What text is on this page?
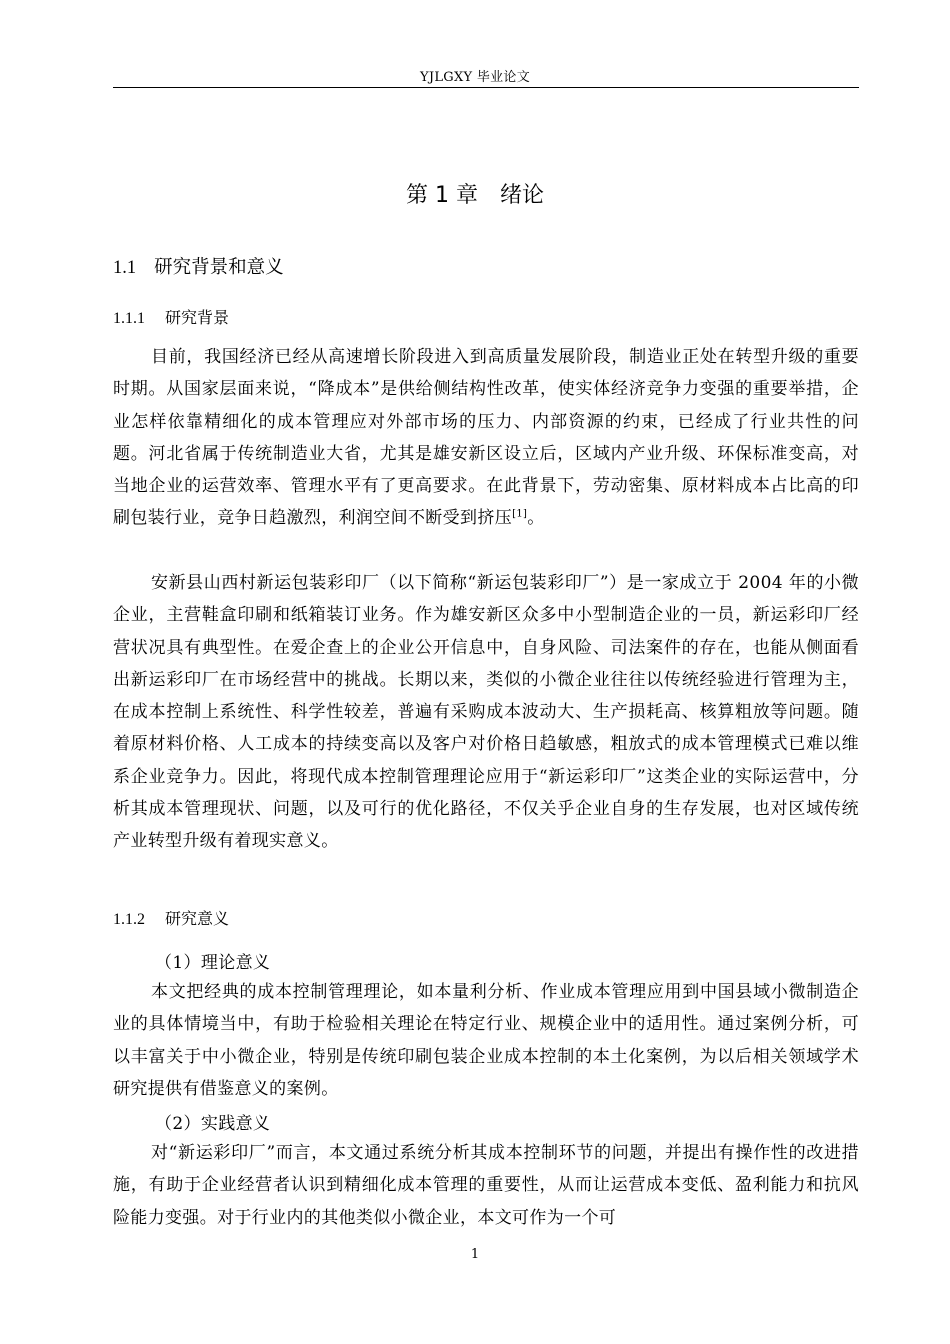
YJLGXY 毕业论文
第 1 章　绪论
1.1 研究背景和意义
1.1.1 研究背景

目前，我国经济已经从高速增长阶段进入到高质量发展阶段，制造业正处在转型升级的重要时期。从国家层面来说，“降成本”是供给侧结构性改革，使实体经济竞争力变强的重要举措，企业怎样依靠精细化的成本管理应对外部市场的压力、内部资源的约束，已经成了行业共性的问题。河北省属于传统制造业大省，尤其是雄安新区设立后，区域内产业升级、环保标准变高，对当地企业的运营效率、管理水平有了更高要求。在此背景下，劳动密集、原材料成本占比高的印刷包装行业，竞争日趋激烈，利润空间不断受到挤压[1]。

安新县山西村新运包装彩印厂（以下简称“新运包装彩印厂”）是一家成立于 2004 年的小微企业，主营鞋盒印刷和纸箱装订业务。作为雄安新区众多中小型制造企业的一员，新运彩印厂经营状况具有典型性。在爱企查上的企业公开信息中，自身风险、司法案件的存在，也能从侧面看出新运彩印厂在市场经营中的挑战。长期以来，类似的小微企业往往以传统经验进行管理为主，在成本控制上系统性、科学性较差，普遍有采购成本波动大、生产损耗高、核算粗放等问题。随着原材料价格、人工成本的持续变高以及客户对价格日趋敏感，粗放式的成本管理模式已难以维系企业竞争力。因此，将现代成本控制管理理论应用于“新运彩印厂”这类企业的实际运营中，分析其成本管理现状、问题，以及可行的优化路径，不仅关乎企业自身的生存发展，也对区域传统产业转型升级有着现实意义。

1.1.2 研究意义
（1）理论意义

本文把经典的成本控制管理理论，如本量利分析、作业成本管理应用到中国县域小微制造企业的具体情境当中，有助于检验相关理论在特定行业、规模企业中的适用性。通过案例分析，可以丰富关于中小微企业，特别是传统印刷包装企业成本控制的本土化案例，为以后相关领域学术研究提供有借鉴意义的案例。

（2）实践意义

对“新运彩印厂”而言，本文通过系统分析其成本控制环节的问题，并提出有操作性的改进措施，有助于企业经营者认识到精细化成本管理的重要性，从而让运营成本变低、盈利能力和抗风险能力变强。对于行业内的其他类似小微企业，本文可作为一个可

1
